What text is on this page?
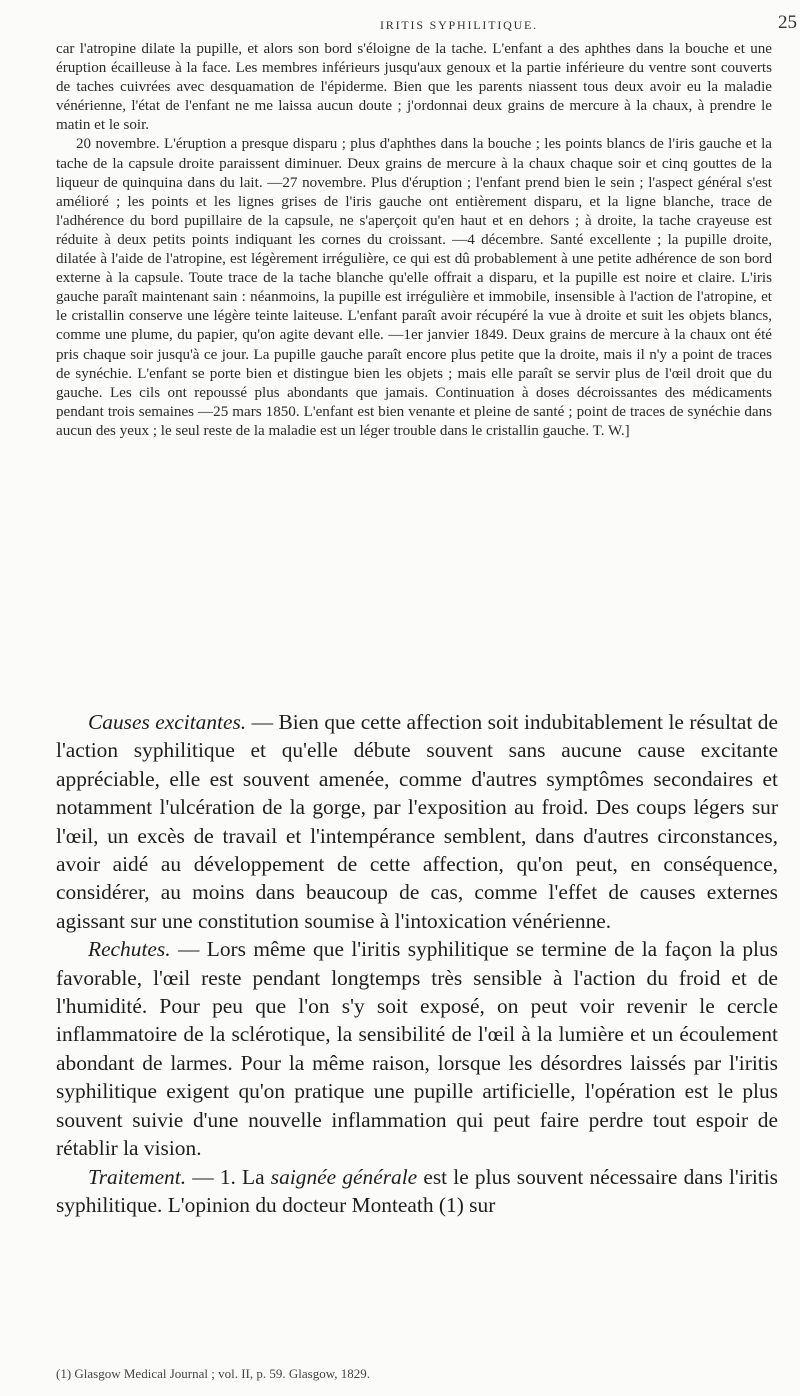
IRITIS SYPHILITIQUE.	25

car l'atropine dilate la pupille, et alors son bord s'éloigne de la tache. L'enfant a des aphthes dans la bouche et une éruption écailleuse à la face. Les membres inférieurs jusqu'aux genoux et la partie inférieure du ventre sont couverts de taches cuivrées avec desquamation de l'épiderme. Bien que les parents niassent tous deux avoir eu la maladie vénérienne, l'état de l'enfant ne me laissa aucun doute ; j'ordonnai deux grains de mercure à la chaux, à prendre le matin et le soir.

20 novembre. L'éruption a presque disparu ; plus d'aphthes dans la bouche ; les points blancs de l'iris gauche et la tache de la capsule droite paraissent diminuer. Deux grains de mercure à la chaux chaque soir et cinq gouttes de la liqueur de quinquina dans du lait. —27 novembre. Plus d'éruption ; l'enfant prend bien le sein ; l'aspect général s'est amélioré ; les points et les lignes grises de l'iris gauche ont entièrement disparu, et la ligne blanche, trace de l'adhérence du bord pupillaire de la capsule, ne s'aperçoit qu'en haut et en dehors ; à droite, la tache crayeuse est réduite à deux petits points indiquant les cornes du croissant. —4 décembre. Santé excellente ; la pupille droite, dilatée à l'aide de l'atropine, est légèrement irrégulière, ce qui est dû probablement à une petite adhérence de son bord externe à la capsule. Toute trace de la tache blanche qu'elle offrait a disparu, et la pupille est noire et claire. L'iris gauche paraît maintenant sain : néanmoins, la pupille est irrégulière et immobile, insensible à l'action de l'atropine, et le cristallin conserve une légère teinte laiteuse. L'enfant paraît avoir récupéré la vue à droite et suit les objets blancs, comme une plume, du papier, qu'on agite devant elle. —1er janvier 1849. Deux grains de mercure à la chaux ont été pris chaque soir jusqu'à ce jour. La pupille gauche paraît encore plus petite que la droite, mais il n'y a point de traces de synéchie. L'enfant se porte bien et distingue bien les objets ; mais elle paraît se servir plus de l'œil droit que du gauche. Les cils ont repoussé plus abondants que jamais. Continuation à doses décroissantes des médicaments pendant trois semaines —25 mars 1850. L'enfant est bien venante et pleine de santé ; point de traces de synéchie dans aucun des yeux ; le seul reste de la maladie est un léger trouble dans le cristallin gauche. T. W.]

Causes excitantes. — Bien que cette affection soit indubitablement le résultat de l'action syphilitique et qu'elle débute souvent sans aucune cause excitante appréciable, elle est souvent amenée, comme d'autres symptômes secondaires et notamment l'ulcération de la gorge, par l'exposition au froid. Des coups légers sur l'œil, un excès de travail et l'intempérance semblent, dans d'autres circonstances, avoir aidé au développement de cette affection, qu'on peut, en conséquence, considérer, au moins dans beaucoup de cas, comme l'effet de causes externes agissant sur une constitution soumise à l'intoxication vénérienne.

Rechutes. — Lors même que l'iritis syphilitique se termine de la façon la plus favorable, l'œil reste pendant longtemps très sensible à l'action du froid et de l'humidité. Pour peu que l'on s'y soit exposé, on peut voir revenir le cercle inflammatoire de la sclérotique, la sensibilité de l'œil à la lumière et un écoulement abondant de larmes. Pour la même raison, lorsque les désordres laissés par l'iritis syphilitique exigent qu'on pratique une pupille artificielle, l'opération est le plus souvent suivie d'une nouvelle inflammation qui peut faire perdre tout espoir de rétablir la vision.

Traitement. — 1. La saignée générale est le plus souvent nécessaire dans l'iritis syphilitique. L'opinion du docteur Monteath (1) sur

(1) Glasgow Medical Journal ; vol. II, p. 59. Glasgow, 1829.
